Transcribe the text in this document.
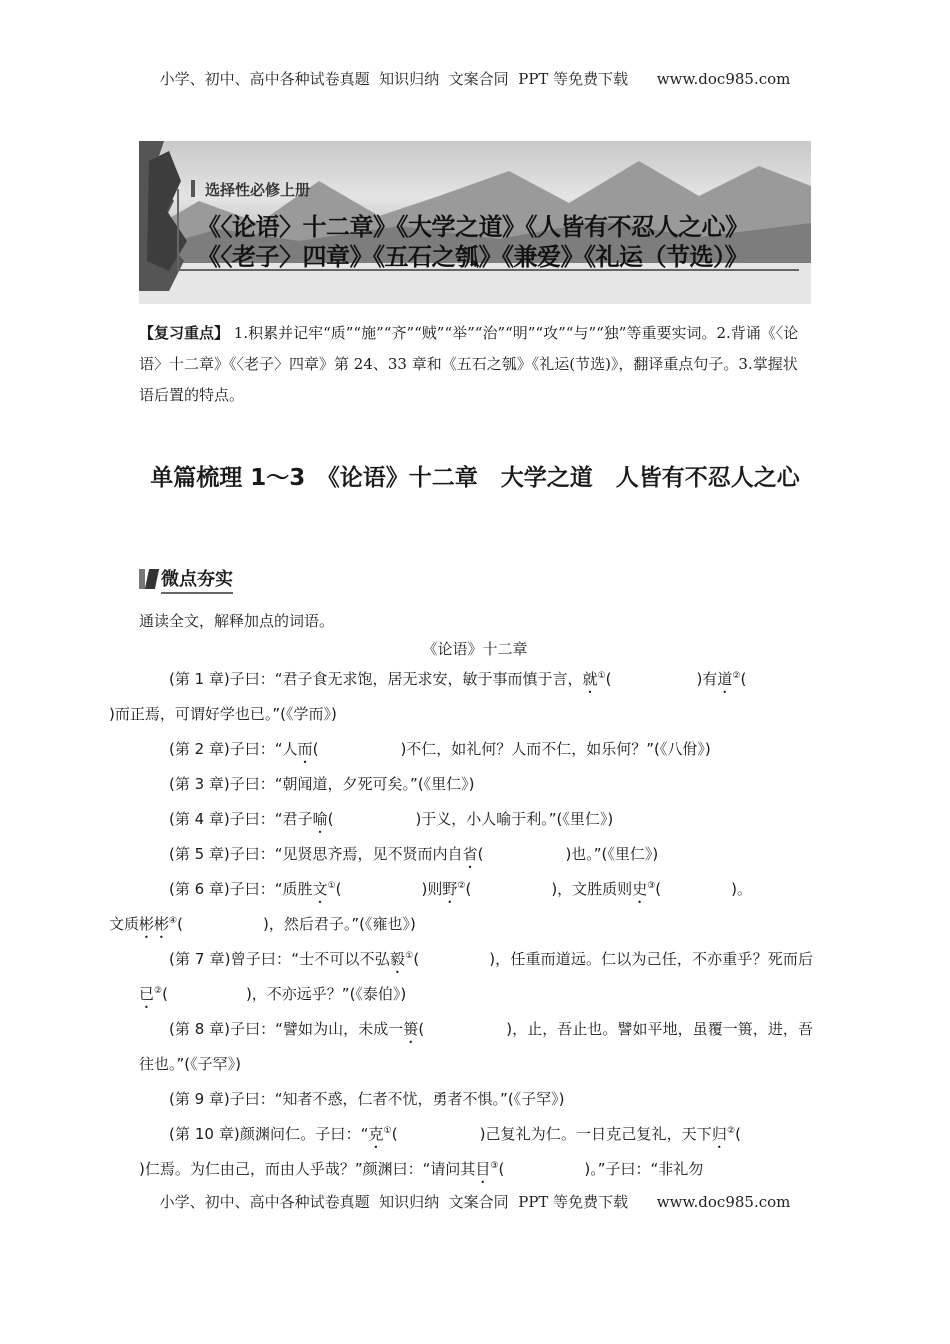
小学、初中、高中各种试卷真题  知识归纳  文案合同  PPT 等免费下载      www.doc985.com
选择性必修上册
《〈论语〉十二章》《大学之道》《人皆有不忍人之心》
《〈老子〉四章》《五石之瓠》《兼爱》《礼运（节选）》
【复习重点】 1.积累并记牢“质”“施”“齐”“贼”“举”“治”“明”“攻”“与”“独”等重要实词。2.背诵《〈论语〉十二章》《〈老子〉四章》第 24、33 章和《五石之瓠》《礼运(节选)》，翻译重点句子。3.掌握状语后置的特点。
单篇梳理 1～3　《论语》十二章　大学之道　人皆有不忍人之心
微点夯实
通读全文，解释加点的词语。
《论语》十二章

(第 1 章)子曰：“君子食无求饱，居无求安，敏于事而慎于言，就①(	)有道②(
)而正焉，可谓好学也已。”(《学而》)

(第 2 章)子曰：“人而(	)不仁，如礼何？人而不仁，如乐何？”(《八佾》)

(第 3 章)子曰：“朝闻道，夕死可矣。”(《里仁》)

(第 4 章)子曰：“君子喻(	)于义，小人喻于利。”(《里仁》)

(第 5 章)子曰：“见贤思齐焉，见不贤而内自省(	)也。”(《里仁》)

(第 6 章)子曰：“质胜文①(	)则野②(	)，文胜质则史③(	)。
文质彬彬④(	)，然后君子。”(《雍也》)

(第 7 章)曾子曰：“士不可以不弘毅①(	)，任重而道远。仁以为己任，不亦重乎？死而后已②(	)，不亦远乎？”(《泰伯》)

(第 8 章)子曰：“譬如为山，未成一篑(	)，止，吾止也。譬如平地，虽覆一篑，进，吾往也。”(《子罕》)

(第 9 章)子曰：“知者不惑，仁者不忧，勇者不惧。”(《子罕》)

(第 10 章)颜渊问仁。子曰：“克①(	)己复礼为仁。一日克己复礼，天下归②()仁焉。为仁由己，而由人乎哉？”颜渊曰：“请问其目③(	)。”子曰：“非礼勿

小学、初中、高中各种试卷真题  知识归纳  文案合同  PPT 等免费下载      www.doc985.com
